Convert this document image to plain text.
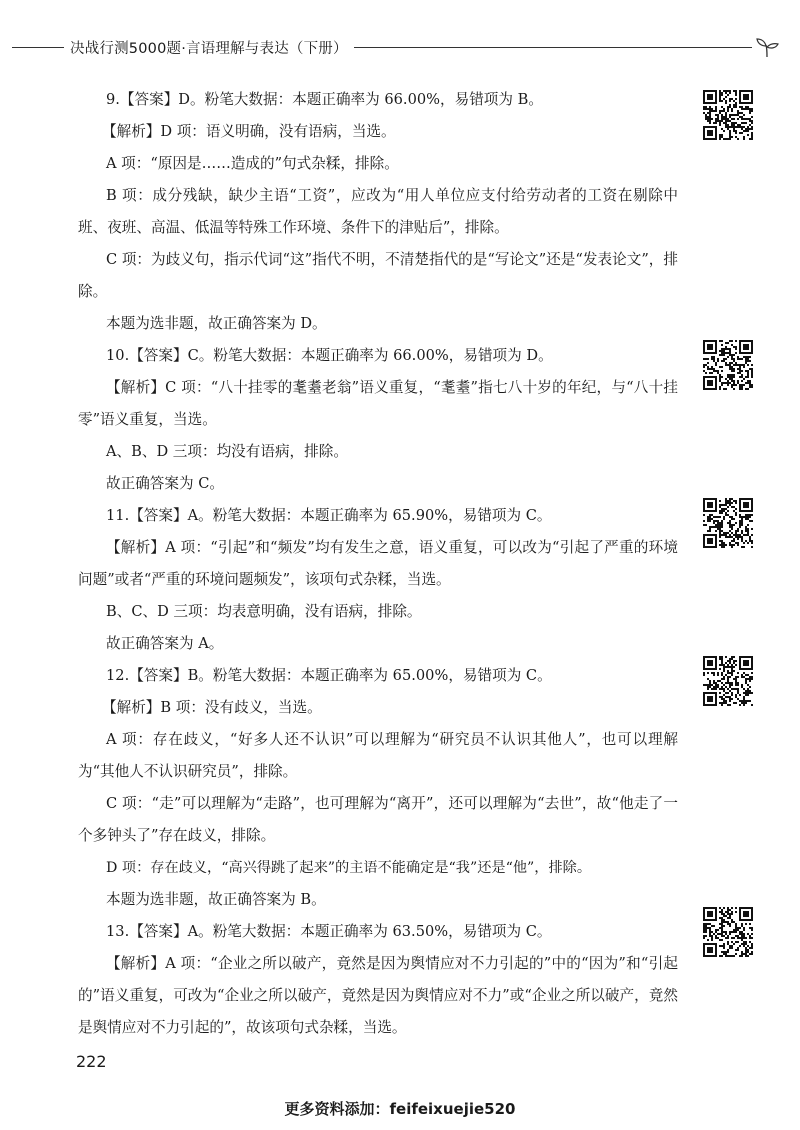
决战行测5000题·言语理解与表达（下册）

9.【答案】D。粉笔大数据：本题正确率为 66.00%，易错项为 B。

【解析】D 项：语义明确，没有语病，当选。

A 项：“原因是……造成的”句式杂糅，排除。

B 项：成分残缺，缺少主语“工资”，应改为“用人单位应支付给劳动者的工资在剔除中班、夜班、高温、低温等特殊工作环境、条件下的津贴后”，排除。

C 项：为歧义句，指示代词“这”指代不明，不清楚指代的是“写论文”还是“发表论文”，排除。

本题为选非题，故正确答案为 D。

10.【答案】C。粉笔大数据：本题正确率为 66.00%，易错项为 D。

【解析】C 项：“八十挂零的耄耋老翁”语义重复，“耄耋”指七八十岁的年纪，与“八十挂零”语义重复，当选。

A、B、D 三项：均没有语病，排除。

故正确答案为 C。

11.【答案】A。粉笔大数据：本题正确率为 65.90%，易错项为 C。

【解析】A 项：“引起”和“频发”均有发生之意，语义重复，可以改为“引起了严重的环境问题”或者“严重的环境问题频发”，该项句式杂糅，当选。

B、C、D 三项：均表意明确，没有语病，排除。

故正确答案为 A。

12.【答案】B。粉笔大数据：本题正确率为 65.00%，易错项为 C。

【解析】B 项：没有歧义，当选。

A 项：存在歧义，“好多人还不认识”可以理解为“研究员不认识其他人”，也可以理解为“其他人不认识研究员”，排除。

C 项：“走”可以理解为“走路”，也可理解为“离开”，还可以理解为“去世”，故“他走了一个多钟头了”存在歧义，排除。

D 项：存在歧义，“高兴得跳了起来”的主语不能确定是“我”还是“他”，排除。

本题为选非题，故正确答案为 B。

13.【答案】A。粉笔大数据：本题正确率为 63.50%，易错项为 C。

【解析】A 项：“企业之所以破产，竟然是因为舆情应对不力引起的”中的“因为”和“引起的”语义重复，可改为“企业之所以破产，竟然是因为舆情应对不力”或“企业之所以破产，竟然是舆情应对不力引起的”，故该项句式杂糅，当选。

222
更多资料添加：feifeixuejie520
